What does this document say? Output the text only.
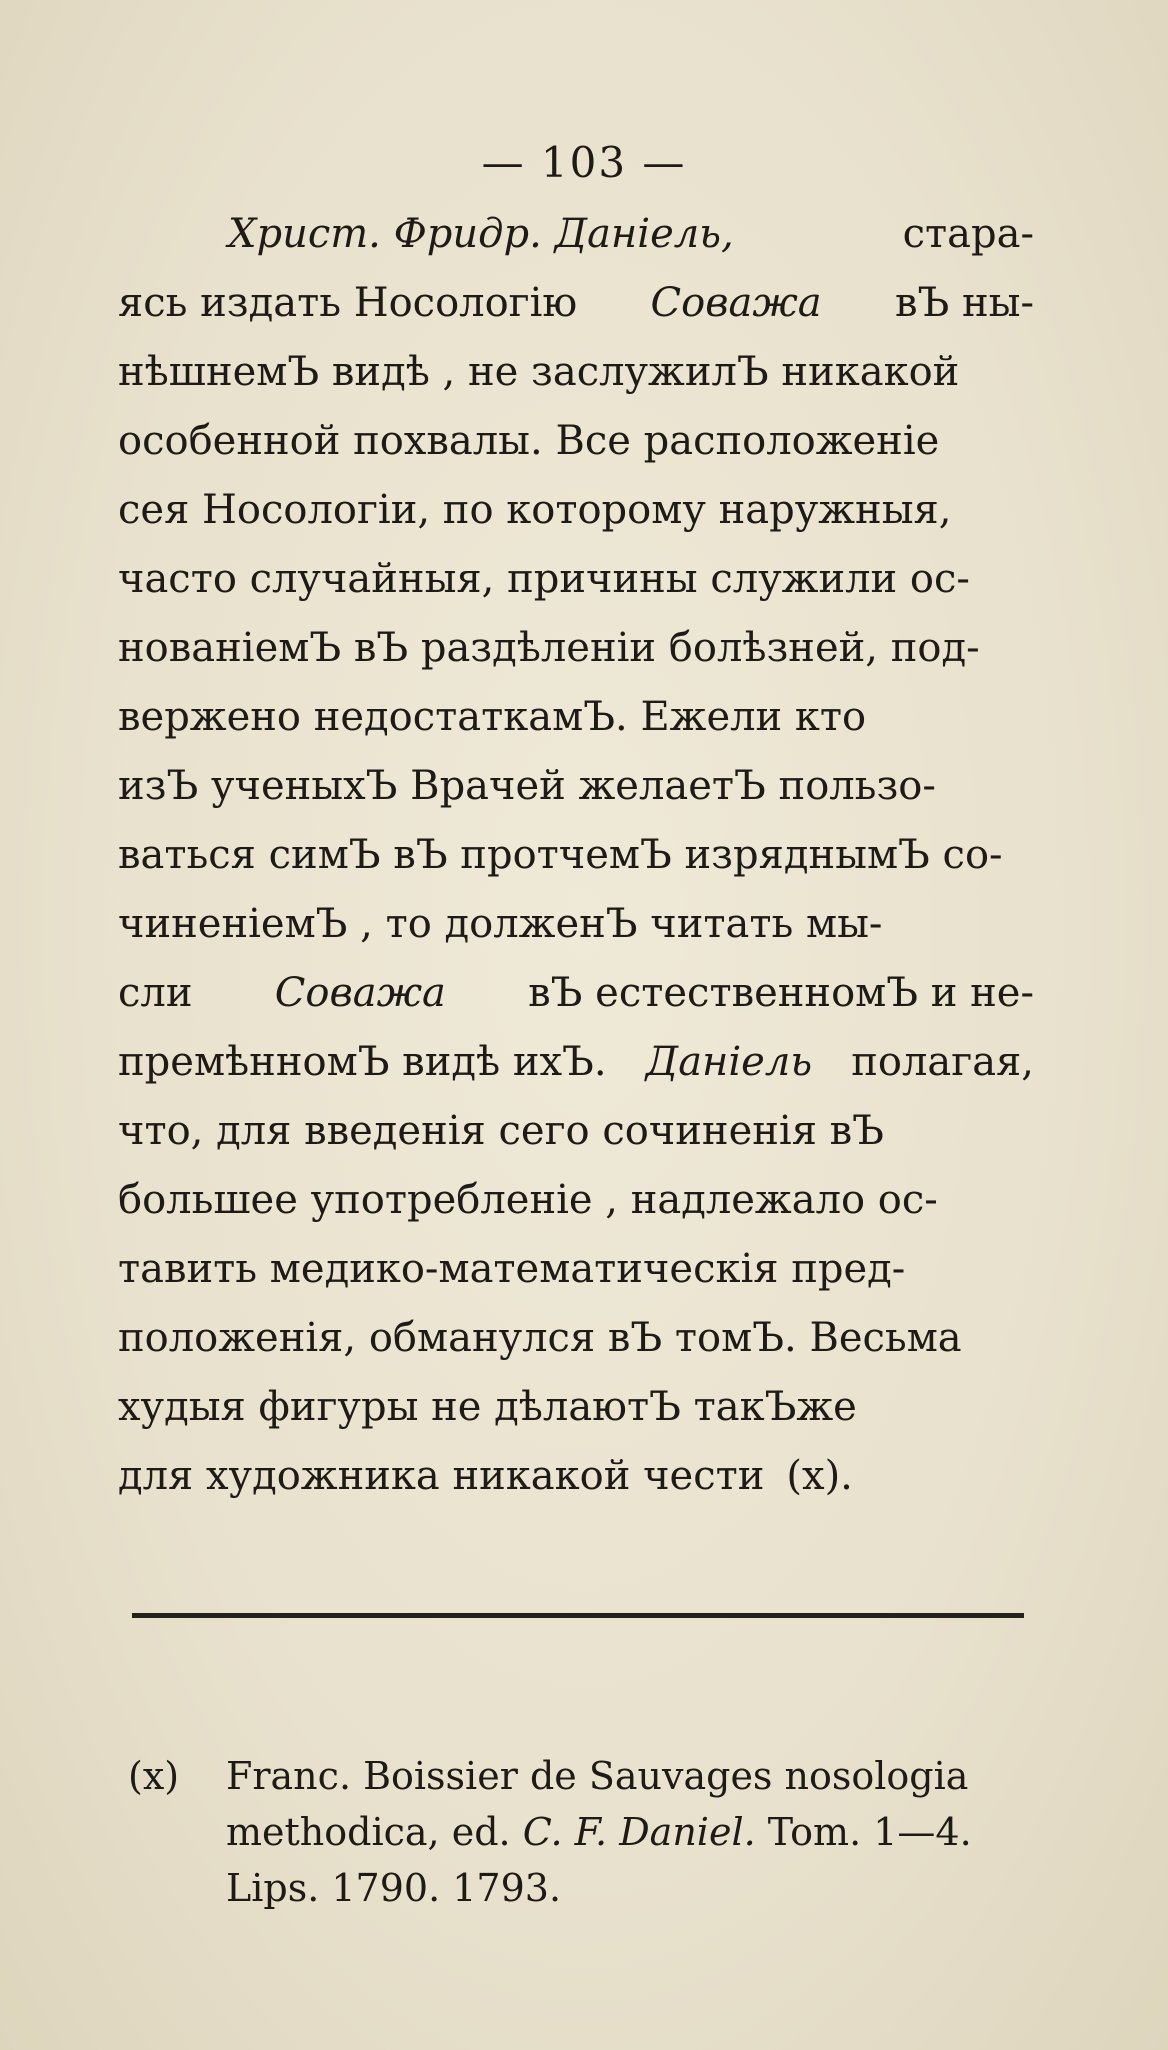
— 103 —
Христ. Фридр. Даніель,	стара-
ясь издать Носологію Соважа вЪ ны-
нѣшнемЪ видѣ , не заслужилЪ никакой
особенной похвалы. Все расположеніе
сея Носологіи, по которому наружныя,
часто случайныя, причины служили ос-
нованіемЪ вЪ раздѣленіи болѣзней, под-
вержено недостаткамЪ. Ежели кто
изЪ ученыхЪ Врачей желаетЪ пользо-
ваться симЪ вЪ протчемЪ изряднымЪ со-
чиненіемЪ , то долженЪ читать мы-
сли Соважа вЪ естественномЪ и не-
премѣнномЪ видѣ ихЪ. Даніель полагая,
что, для введенія сего сочиненія вЪ
большее употребленіе , надлежало ос-
тавить медико-математическія пред-
положенія, обманулся вЪ томЪ. Весьма
худыя фигуры не дѣлаютЪ такЪже
для художника никакой чести (x).
(x)	Franc. Boissier de Sauvages nosologia
methodica, ed. C. F. Daniel. Tom. 1—4.
Lips. 1790. 1793.
